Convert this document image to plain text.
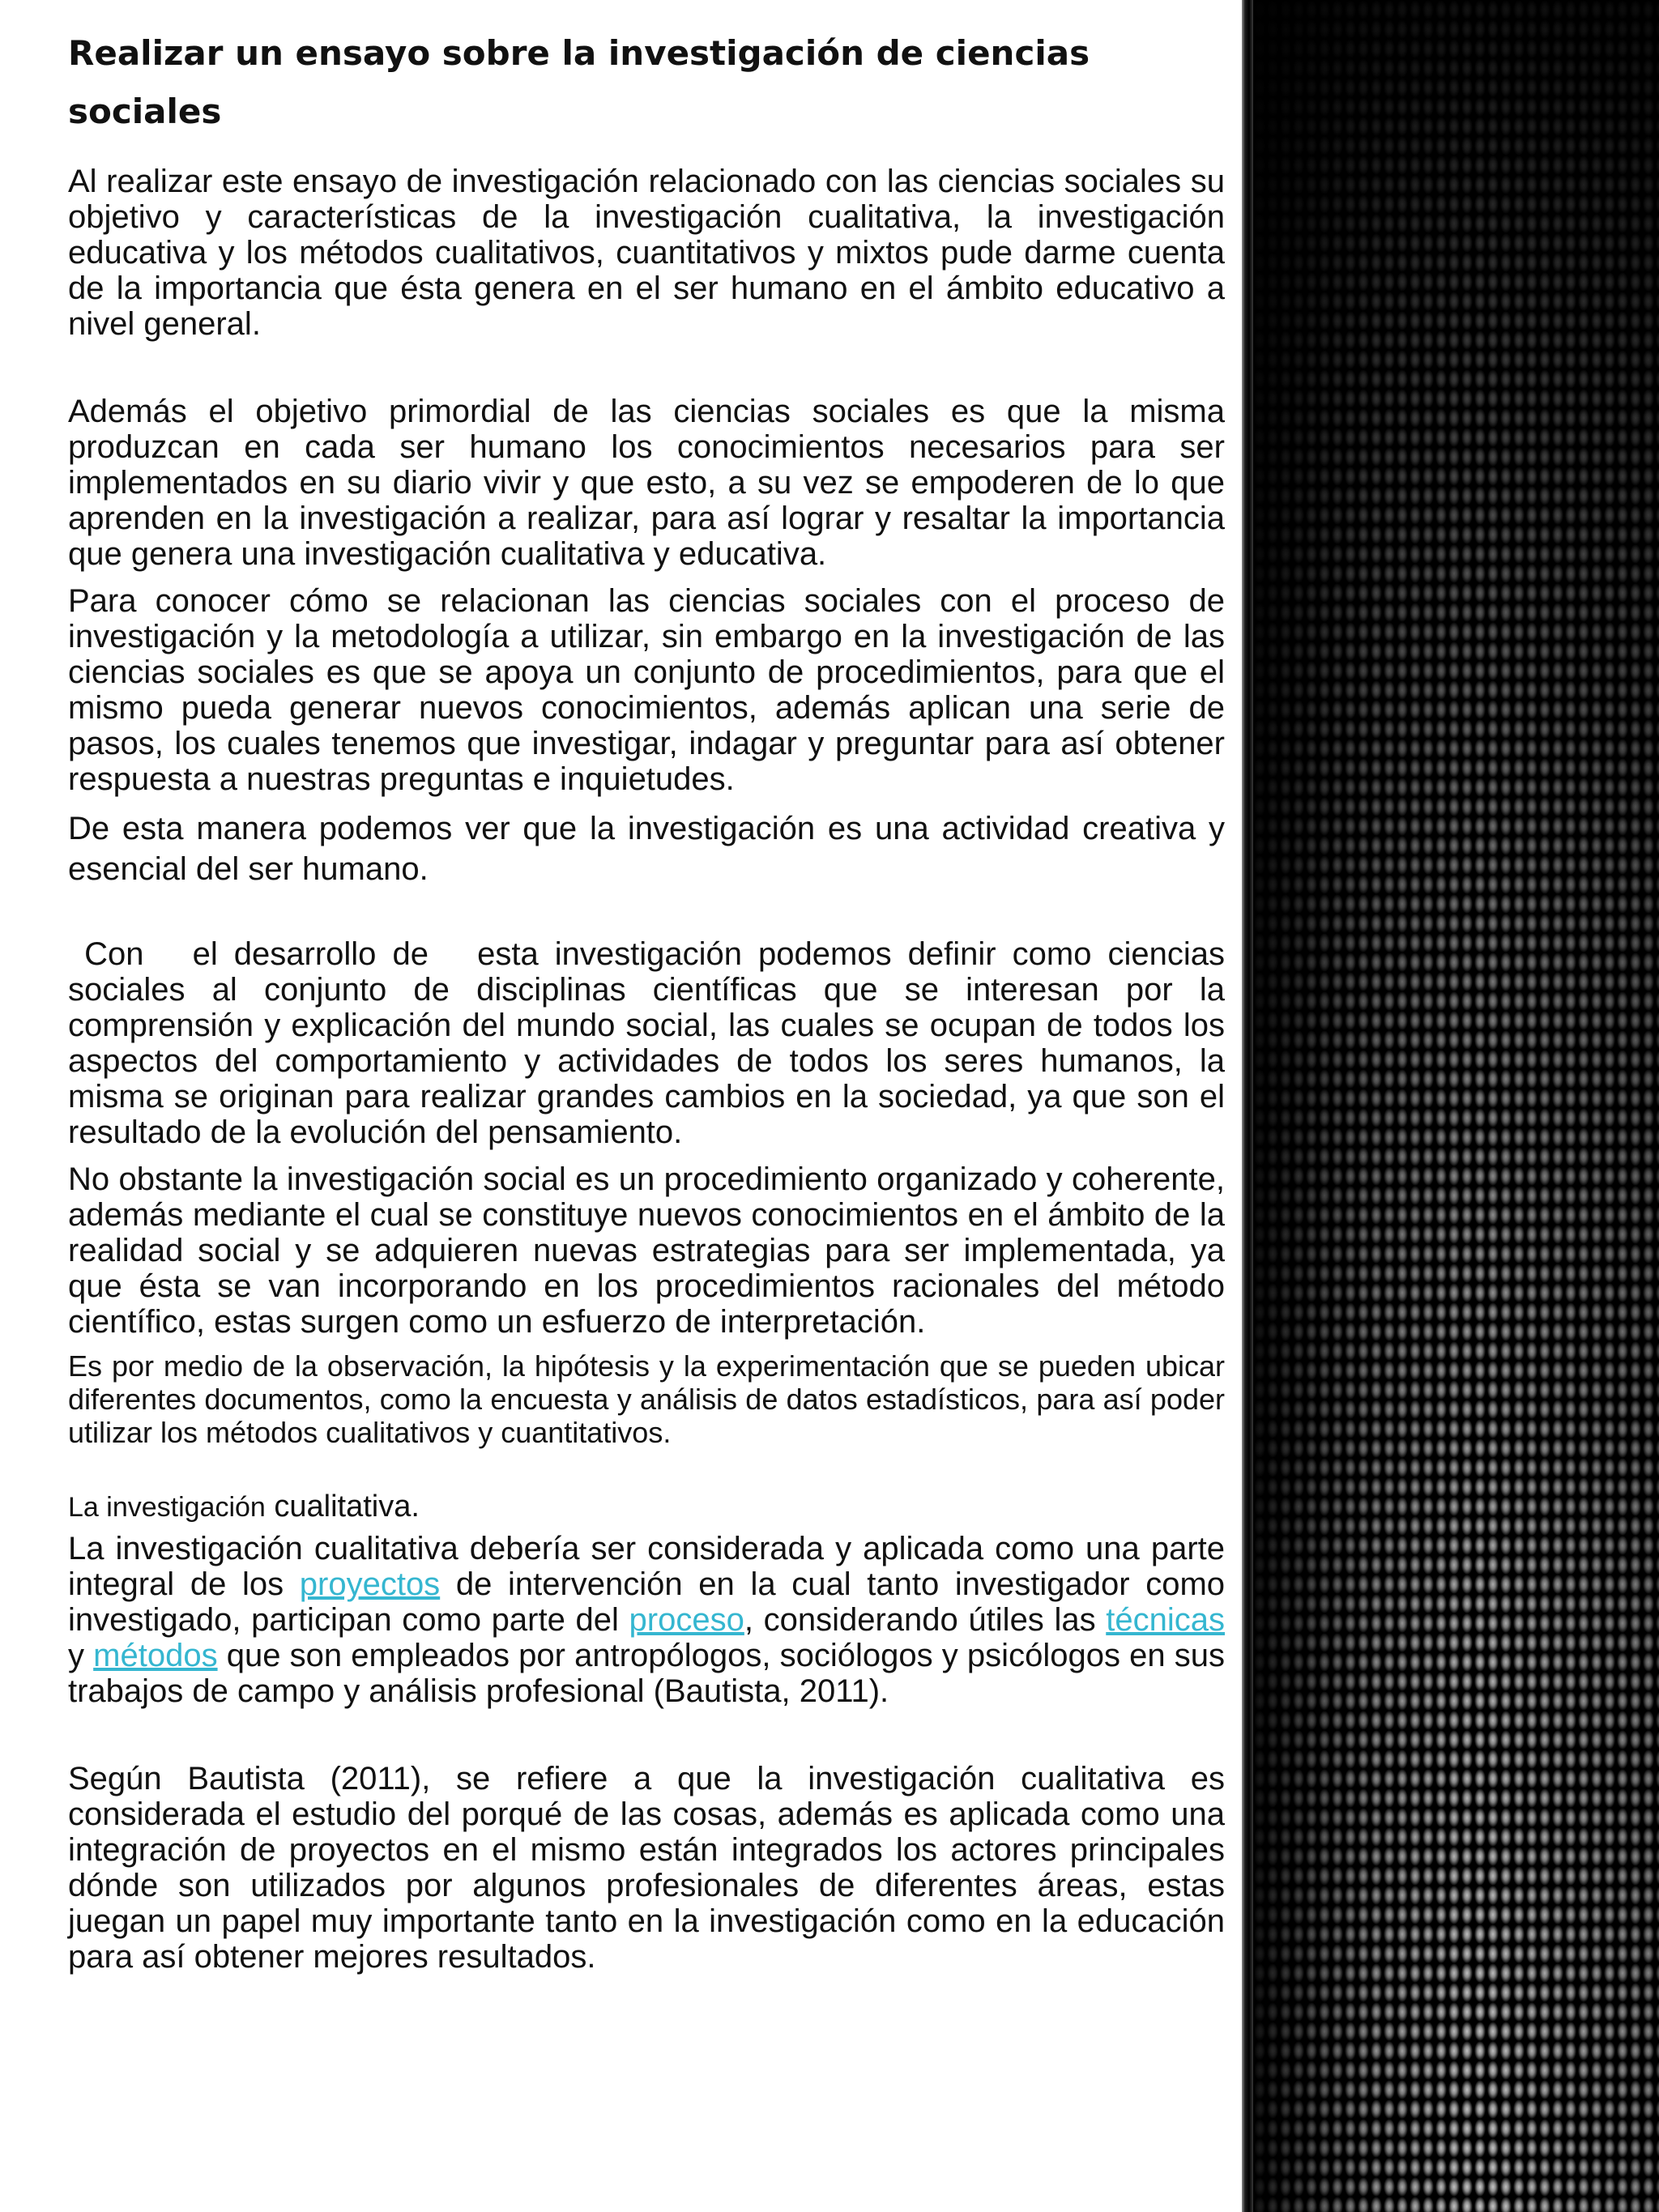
Realizar un ensayo sobre la investigación de ciencias sociales

Al realizar este ensayo de investigación relacionado con las ciencias sociales su objetivo y características de la investigación cualitativa, la investigación educativa y los métodos cualitativos, cuantitativos y mixtos pude darme cuenta de la importancia que ésta genera en el ser humano en el ámbito educativo a nivel general.

Además el objetivo primordial de las ciencias sociales es que la misma produzcan en cada ser humano los conocimientos necesarios para ser implementados en su diario vivir y que esto, a su vez se empoderen de lo que aprenden en la investigación a realizar, para así lograr y resaltar la importancia que genera una investigación cualitativa y educativa.

Para conocer cómo se relacionan las ciencias sociales con el proceso de investigación y la metodología a utilizar, sin embargo en la investigación de las ciencias sociales es que se apoya un conjunto de procedimientos, para que el mismo pueda generar nuevos conocimientos, además aplican una serie de pasos, los cuales tenemos que investigar, indagar y preguntar para así obtener respuesta a nuestras preguntas e inquietudes.

De esta manera podemos ver que la investigación es una actividad creativa y esencial del ser humano.

Con   el desarrollo de   esta investigación podemos definir como ciencias sociales al conjunto de disciplinas científicas que se interesan por la comprensión y explicación del mundo social, las cuales se ocupan de todos los aspectos del comportamiento y actividades de todos los seres humanos, la misma se originan para realizar grandes cambios en la sociedad, ya que son el resultado de la evolución del pensamiento.

No obstante la investigación social es un procedimiento organizado y coherente, además mediante el cual se constituye nuevos conocimientos en el ámbito de la realidad social y se adquieren nuevas estrategias para ser implementada, ya que ésta se van incorporando en los procedimientos racionales del método científico, estas surgen como un esfuerzo de interpretación.

Es por medio de la observación, la hipótesis y la experimentación que se pueden ubicar diferentes documentos, como la encuesta y análisis de datos estadísticos, para así poder utilizar los métodos cualitativos y cuantitativos.

La investigación cualitativa.

La investigación cualitativa debería ser considerada y aplicada como una parte integral de los proyectos de intervención en la cual tanto investigador como investigado, participan como parte del proceso, considerando útiles las técnicas y métodos que son empleados por antropólogos, sociólogos y psicólogos en sus trabajos de campo y análisis profesional (Bautista, 2011).

Según Bautista (2011), se refiere a que la investigación cualitativa es considerada el estudio del porqué de las cosas, además es aplicada como una integración de proyectos en el mismo están integrados los actores principales dónde son utilizados por algunos profesionales de diferentes áreas, estas juegan un papel muy importante tanto en la investigación como en la educación para así obtener mejores resultados.
